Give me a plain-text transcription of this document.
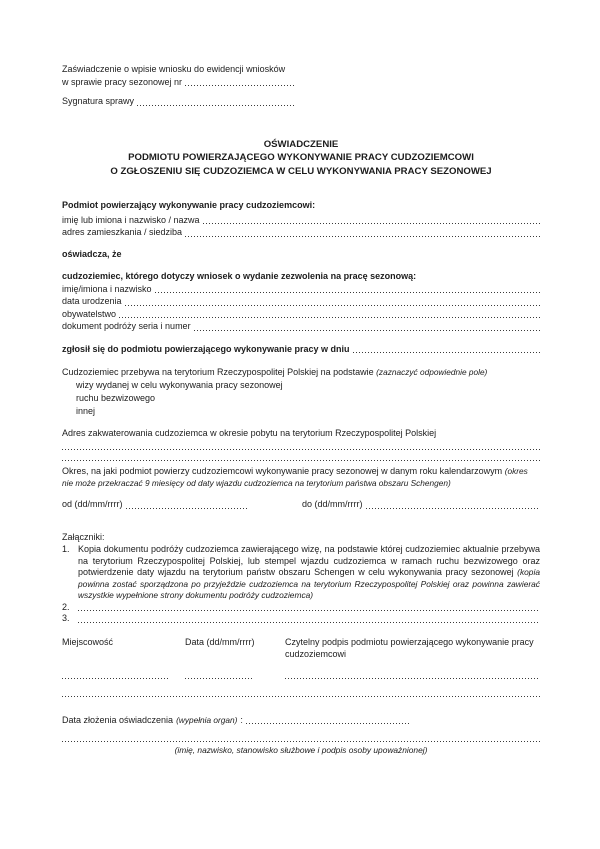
Zaświadczenie o wpisie wniosku do ewidencji wniosków
w sprawie pracy sezonowej nr
Sygnatura sprawy
OŚWIADCZENIE
PODMIOTU POWIERZAJĄCEGO WYKONYWANIE PRACY CUDZOZIEMCOWI
O ZGŁOSZENIU SIĘ CUDZOZIEMCA W CELU WYKONYWANIA PRACY SEZONOWEJ
Podmiot powierzający wykonywanie pracy cudzoziemcowi:
imię lub imiona i nazwisko / nazwa
adres zamieszkania / siedziba
oświadcza, że
cudzoziemiec, którego dotyczy wniosek o wydanie zezwolenia na pracę sezonową:
imię/imiona i nazwisko
data urodzenia
obywatelstwo
dokument podróży seria i numer
zgłosił się do podmiotu powierzającego wykonywanie pracy w dniu
Cudzoziemiec przebywa na terytorium Rzeczypospolitej Polskiej na podstawie (zaznaczyć odpowiednie pole)
wizy wydanej w celu wykonywania pracy sezonowej
ruchu bezwizowego
innej
Adres zakwaterowania cudzoziemca w okresie pobytu na terytorium Rzeczypospolitej Polskiej
Okres, na jaki podmiot powierzy cudzoziemcowi wykonywanie pracy sezonowej w danym roku kalendarzowym (okres nie może przekraczać 9 miesięcy od daty wjazdu cudzoziemca na terytorium państwa obszaru Schengen)
od (dd/mm/rrrr)	do (dd/mm/rrrr)
Załączniki:
1. Kopia dokumentu podróży cudzoziemca zawierającego wizę, na podstawie której cudzoziemiec aktualnie przebywa na terytorium Rzeczypospolitej Polskiej, lub stempel wjazdu cudzoziemca w ramach ruchu bezwizowego oraz potwierdzenie daty wjazdu na terytorium państw obszaru Schengen w celu wykonywania pracy sezonowej (kopia powinna zostać sporządzona po przyjeździe cudzoziemca na terytorium Rzeczypospolitej Polskiej oraz powinna zawierać wszystkie wypełnione strony dokumentu podróży cudzoziemca)
2.
3.
Miejscowość	Data (dd/mm/rrrr)	Czytelny podpis podmiotu powierzającego wykonywanie pracy cudzoziemcowi
Data złożenia oświadczenia (wypełnia organ) :
(imię, nazwisko, stanowisko służbowe i podpis osoby upoważnionej)
